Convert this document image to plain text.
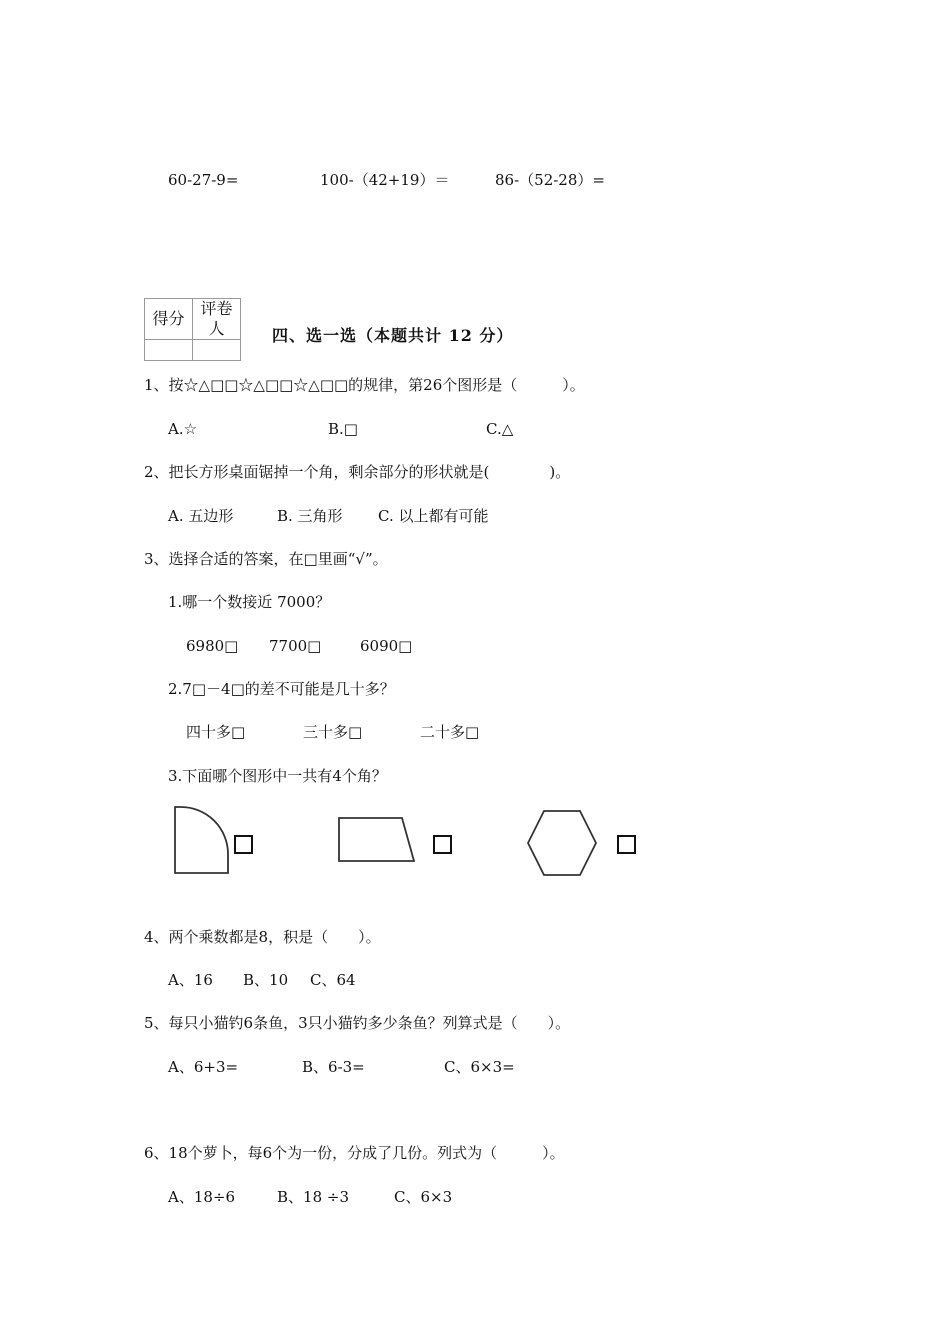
60-27-9=	100-（42+19）＝	86-（52-28）=
得分	评卷人
		四、选一选（本题共计 12 分）
1、按☆△□□☆△□□☆△□□的规律，第26个图形是（　　　）。
A.☆	B.□	C.△
2、把长方形桌面锯掉一个角，剩余部分的形状就是(　　　　)。
A. 五边形	B. 三角形 C. 以上都有可能
3、选择合适的答案，在□里画“√”。
1.哪一个数接近 7000？
6980□ 7700□	6090□
2.7□－4□的差不可能是几十多？
四十多□	三十多□	二十多□
3.下面哪个图形中一共有4个角？
4、两个乘数都是8，积是（　　）。
A、16 B、10 C、64
5、每只小猫钓6条鱼，3只小猫钓多少条鱼？列算式是（　　）。
A、6+3=	B、6-3=	C、6×3=
6、18个萝卜，每6个为一份，分成了几份。列式为（　　　）。
A、18÷6	B、18 ÷3	C、6×3
